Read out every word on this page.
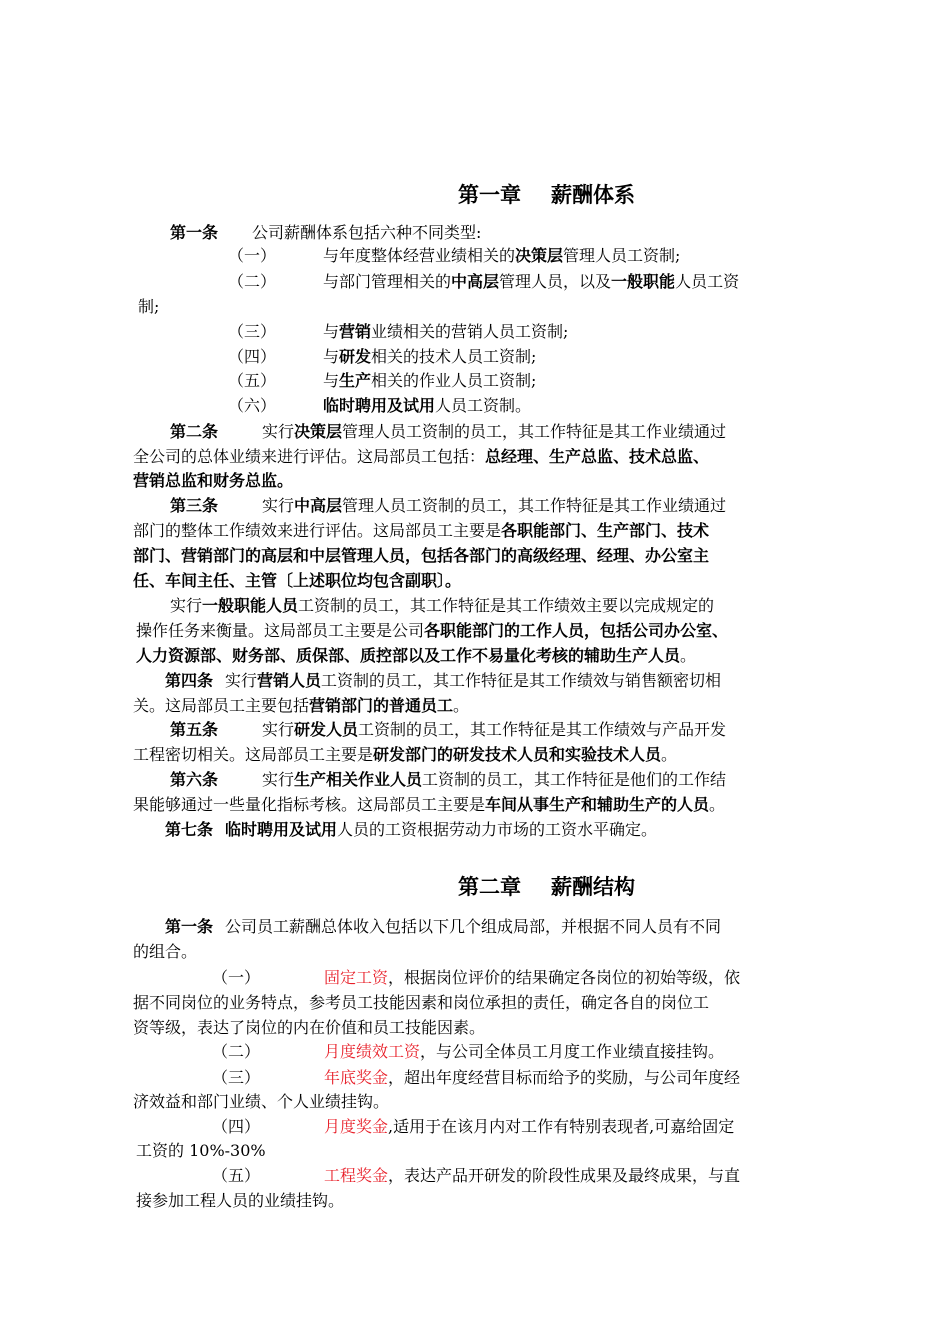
第一章 薪酬体系
第一条 公司薪酬体系包括六种不同类型:
（一）	与年度整体经营业绩相关的决策层管理人员工资制;
（二）	与部门管理相关的中高层管理人员，以及一般职能人员工资
制;
（三）	与营销业绩相关的营销人员工资制;
（四）	与研发相关的技术人员工资制;
（五）	与生产相关的作业人员工资制;
（六）	临时聘用及试用人员工资制。
第二条	实行决策层管理人员工资制的员工，其工作特征是其工作业绩通过
全公司的总体业绩来进行评估。这局部员工包括：总经理、生产总监、技术总监、
营销总监和财务总监。
第三条	实行中高层管理人员工资制的员工，其工作特征是其工作业绩通过
部门的整体工作绩效来进行评估。这局部员工主要是各职能部门、生产部门、技术
部门、营销部门的高层和中层管理人员，包括各部门的高级经理、经理、办公室主
任、车间主任、主管〔上述职位均包含副职〕。
实行一般职能人员工资制的员工，其工作特征是其工作绩效主要以完成规定的
操作任务来衡量。这局部员工主要是公司各职能部门的工作人员，包括公司办公室、
人力资源部、财务部、质保部、质控部以及工作不易量化考核的辅助生产人员。
第四条 实行营销人员工资制的员工，其工作特征是其工作绩效与销售额密切相
关。这局部员工主要包括营销部门的普通员工。
第五条	实行研发人员工资制的员工，其工作特征是其工作绩效与产品开发
工程密切相关。这局部员工主要是研发部门的研发技术人员和实验技术人员。
第六条	实行生产相关作业人员工资制的员工，其工作特征是他们的工作结
果能够通过一些量化指标考核。这局部员工主要是车间从事生产和辅助生产的人员。
第七条 临时聘用及试用人员的工资根据劳动力市场的工资水平确定。
第二章 薪酬结构
第一条 公司员工薪酬总体收入包括以下几个组成局部，并根据不同人员有不同
的组合。
（一）	固定工资，根据岗位评价的结果确定各岗位的初始等级，依
据不同岗位的业务特点，参考员工技能因素和岗位承担的责任，确定各自的岗位工
资等级，表达了岗位的内在价值和员工技能因素。
（二）	月度绩效工资，与公司全体员工月度工作业绩直接挂钩。
（三）	年底奖金，超出年度经营目标而给予的奖励，与公司年度经
济效益和部门业绩、个人业绩挂钩。
（四）	月度奖金,适用于在该月内对工作有特别表现者,可嘉给固定
工资的 10%-30%
（五）	工程奖金，表达产品开研发的阶段性成果及最终成果，与直
接参加工程人员的业绩挂钩。
